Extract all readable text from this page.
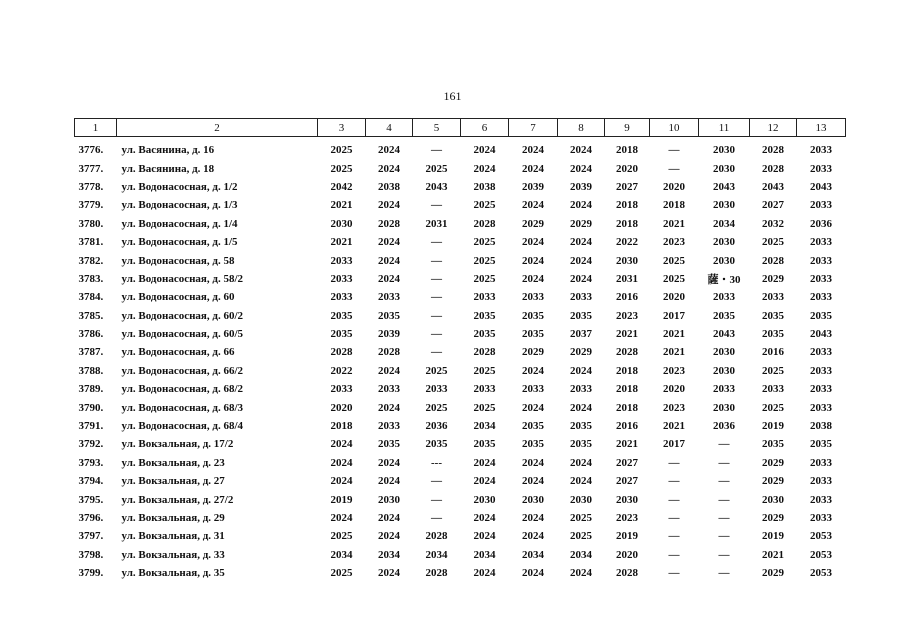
161
1	2	3	4	5	6	7	8	9	10	11	12	13
3776.	ул. Васянина, д. 16	2025	2024	—	2024	2024	2024	2018	—	2030	2028	2033
3777.	ул. Васянина, д. 18	2025	2024	2025	2024	2024	2024	2020	—	2030	2028	2033
3778.	ул. Водонасосная, д. 1/2	2042	2038	2043	2038	2039	2039	2027	2020	2043	2043	2043
3779.	ул. Водонасосная, д. 1/3	2021	2024	—	2025	2024	2024	2018	2018	2030	2027	2033
3780.	ул. Водонасосная, д. 1/4	2030	2028	2031	2028	2029	2029	2018	2021	2034	2032	2036
3781.	ул. Водонасосная, д. 1/5	2021	2024	—	2025	2024	2024	2022	2023	2030	2025	2033
3782.	ул. Водонасосная, д. 58	2033	2024	—	2025	2024	2024	2030	2025	2030	2028	2033
3783.	ул. Водонасосная, д. 58/2	2033	2024	—	2025	2024	2024	2031	2025	薩・30	2029	2033
3784.	ул. Водонасосная, д. 60	2033	2033	—	2033	2033	2033	2016	2020	2033	2033	2033
3785.	ул. Водонасосная, д. 60/2	2035	2035	—	2035	2035	2035	2023	2017	2035	2035	2035
3786.	ул. Водонасосная, д. 60/5	2035	2039	—	2035	2035	2037	2021	2021	2043	2035	2043
3787.	ул. Водонасосная, д. 66	2028	2028	—	2028	2029	2029	2028	2021	2030	2016	2033
3788.	ул. Водонасосная, д. 66/2	2022	2024	2025	2025	2024	2024	2018	2023	2030	2025	2033
3789.	ул. Водонасосная, д. 68/2	2033	2033	2033	2033	2033	2033	2018	2020	2033	2033	2033
3790.	ул. Водонасосная, д. 68/3	2020	2024	2025	2025	2024	2024	2018	2023	2030	2025	2033
3791.	ул. Водонасосная, д. 68/4	2018	2033	2036	2034	2035	2035	2016	2021	2036	2019	2038
3792.	ул. Вокзальная, д. 17/2	2024	2035	2035	2035	2035	2035	2021	2017	—	2035	2035
3793.	ул. Вокзальная, д. 23	2024	2024	---	2024	2024	2024	2027	—	—	2029	2033
3794.	ул. Вокзальная, д. 27	2024	2024	—	2024	2024	2024	2027	—	—	2029	2033
3795.	ул. Вокзальная, д. 27/2	2019	2030	—	2030	2030	2030	2030	—	—	2030	2033
3796.	ул. Вокзальная, д. 29	2024	2024	—	2024	2024	2025	2023	—	—	2029	2033
3797.	ул. Вокзальная, д. 31	2025	2024	2028	2024	2024	2025	2019	—	—	2019	2053
3798.	ул. Вокзальная, д. 33	2034	2034	2034	2034	2034	2034	2020	—	—	2021	2053
3799.	ул. Вокзальная, д. 35	2025	2024	2028	2024	2024	2024	2028	—	—	2029	2053
